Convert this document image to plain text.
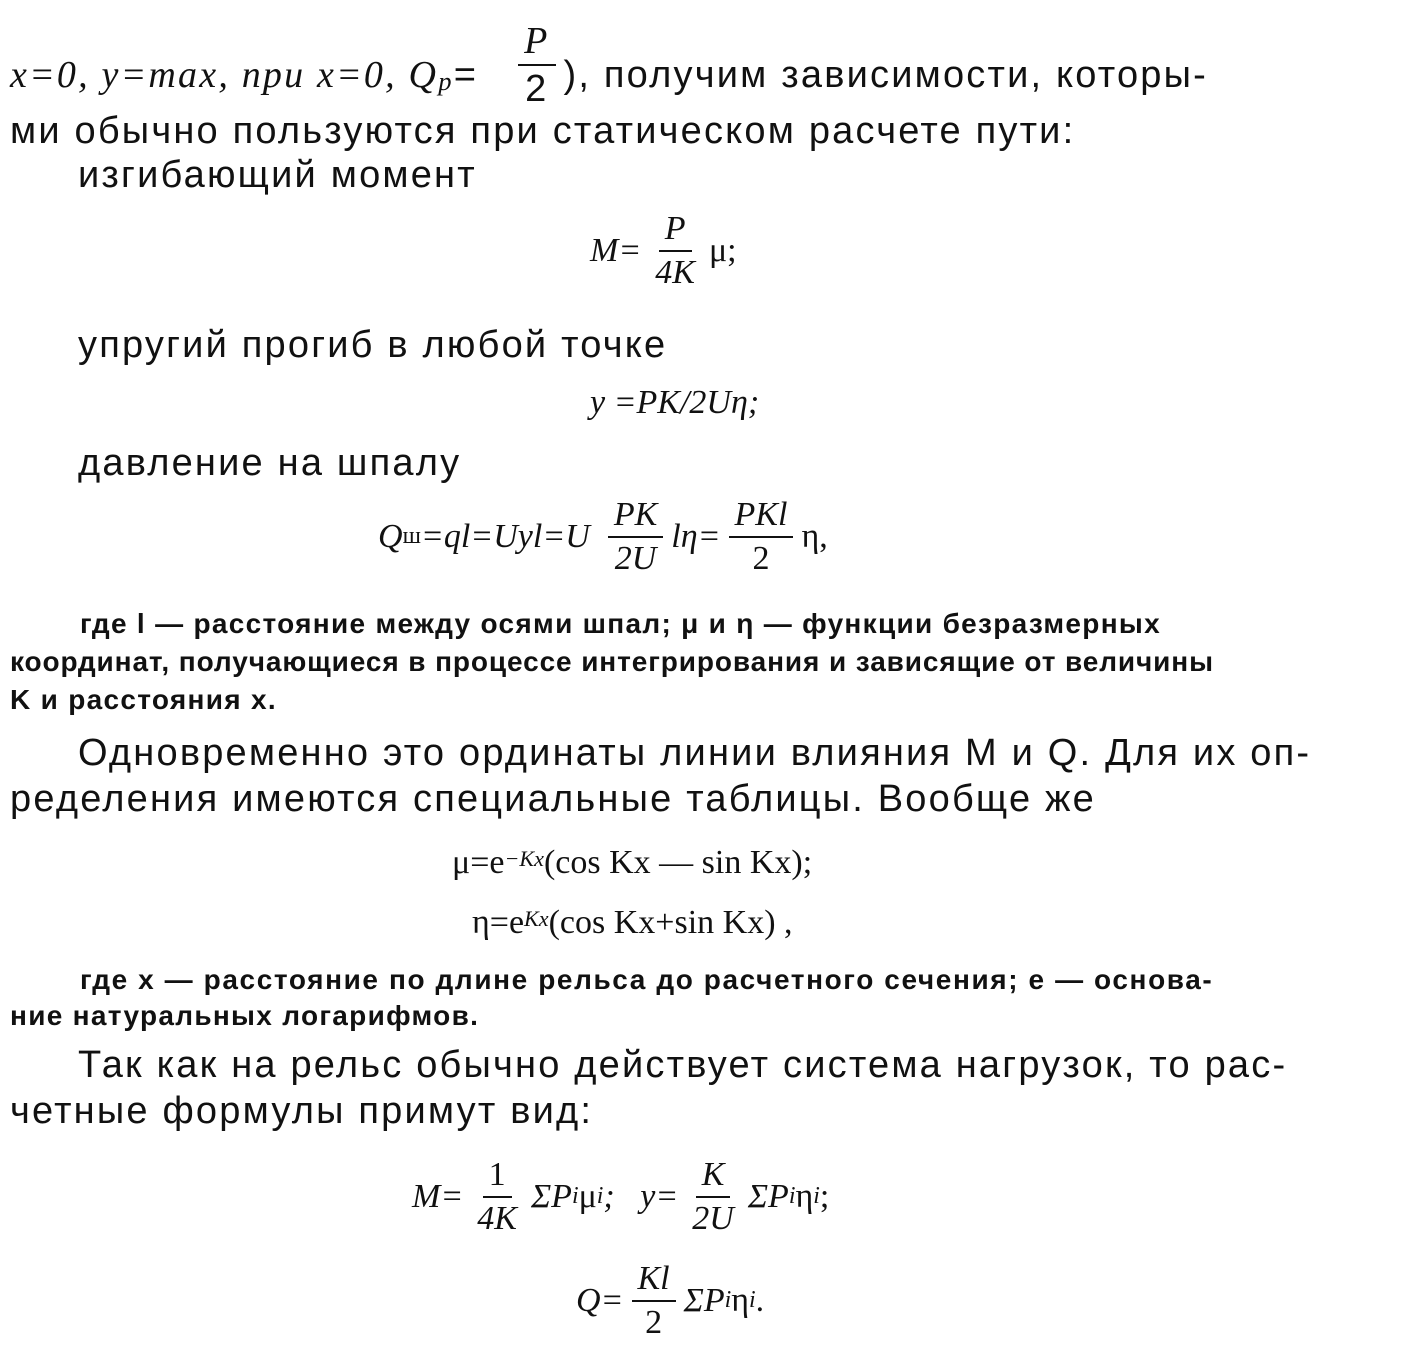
x=0, y=max, при x=0, $Q_р = \frac{P}{2}$ ), получим зависимости, которы-
ми обычно пользуются при статическом расчете пути:
изгибающий момент
$M= \frac{P}{4K} \mu$;
упругий прогиб в любой точке
y =PK/2Uη;
давление на шпалу
Q $ш =ql=Uyl=U \frac{PK}{2U} l\eta= \frac{\text{PKl}}{2} \eta$,
где l — расстояние между осями шпал; μ и η — функции безразмерных
координат, получающиеся в процессе интегрирования и зависящие от величины
K и расстояния x.
Одновременно это ординаты линии влияния M и Q. Для их оп-
ределения имеются специальные таблицы. Вообще же
$\mu=e^{-Kx}$ (cos Kx — sin Kx);
$\eta=e^{Kx}$ (cos Kx+sin Kx) ,
где x — расстояние по длине рельса до расчетного сечения; e — основа-
ние натуральных логарифмов.
Так как на рельс обычно действует система нагрузок, то рас-
четные формулы примут вид:
$M= \frac{1}{4K}$ ΣP i μ i ;   $y= \frac{K}{2U}$ ΣP i η i ;
$Q= \frac{Kl}{2}$ ΣP i η i .
